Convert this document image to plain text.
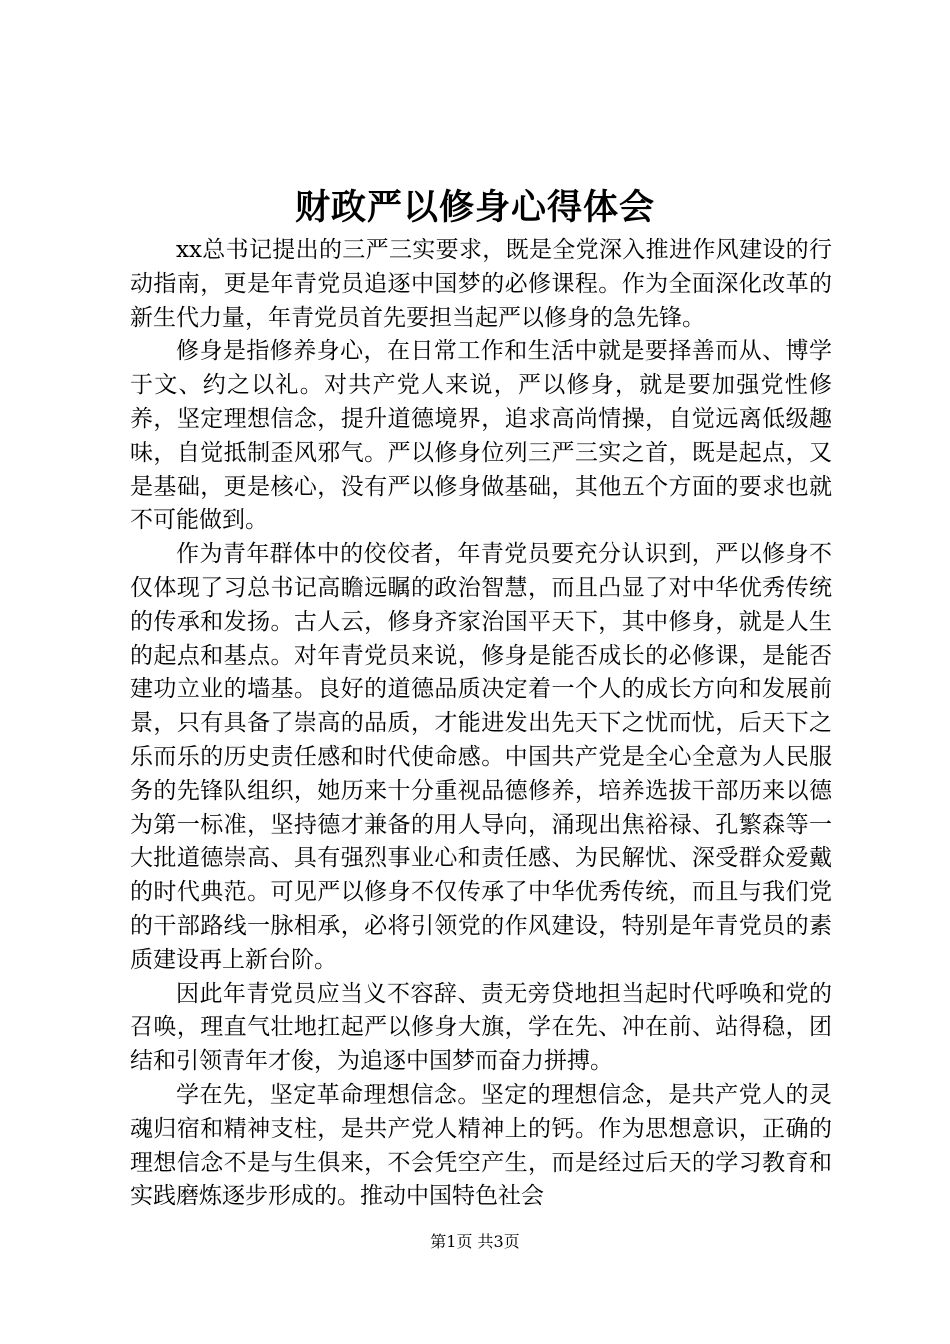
财政严以修身心得体会

xx总书记提出的三严三实要求，既是全党深入推进作风建设的行动指南，更是年青党员追逐中国梦的必修课程。作为全面深化改革的新生代力量，年青党员首先要担当起严以修身的急先锋。

修身是指修养身心，在日常工作和生活中就是要择善而从、博学于文、约之以礼。对共产党人来说，严以修身，就是要加强党性修养，坚定理想信念，提升道德境界，追求高尚情操，自觉远离低级趣味，自觉抵制歪风邪气。严以修身位列三严三实之首，既是起点，又是基础，更是核心，没有严以修身做基础，其他五个方面的要求也就不可能做到。

作为青年群体中的佼佼者，年青党员要充分认识到，严以修身不仅体现了习总书记高瞻远瞩的政治智慧，而且凸显了对中华优秀传统的传承和发扬。古人云，修身齐家治国平天下，其中修身，就是人生的起点和基点。对年青党员来说，修身是能否成长的必修课，是能否建功立业的墙基。良好的道德品质决定着一个人的成长方向和发展前景，只有具备了崇高的品质，才能进发出先天下之忧而忧，后天下之乐而乐的历史责任感和时代使命感。中国共产党是全心全意为人民服务的先锋队组织，她历来十分重视品德修养，培养选拔干部历来以德为第一标准，坚持德才兼备的用人导向，涌现出焦裕禄、孔繁森等一大批道德崇高、具有强烈事业心和责任感、为民解忧、深受群众爱戴的时代典范。可见严以修身不仅传承了中华优秀传统，而且与我们党的干部路线一脉相承，必将引领党的作风建设，特别是年青党员的素质建设再上新台阶。

因此年青党员应当义不容辞、责无旁贷地担当起时代呼唤和党的召唤，理直气壮地扛起严以修身大旗，学在先、冲在前、站得稳，团结和引领青年才俊，为追逐中国梦而奋力拼搏。

学在先，坚定革命理想信念。坚定的理想信念，是共产党人的灵魂归宿和精神支柱，是共产党人精神上的钙。作为思想意识，正确的理想信念不是与生俱来，不会凭空产生，而是经过后天的学习教育和实践磨炼逐步形成的。推动中国特色社会

第1页 共3页
